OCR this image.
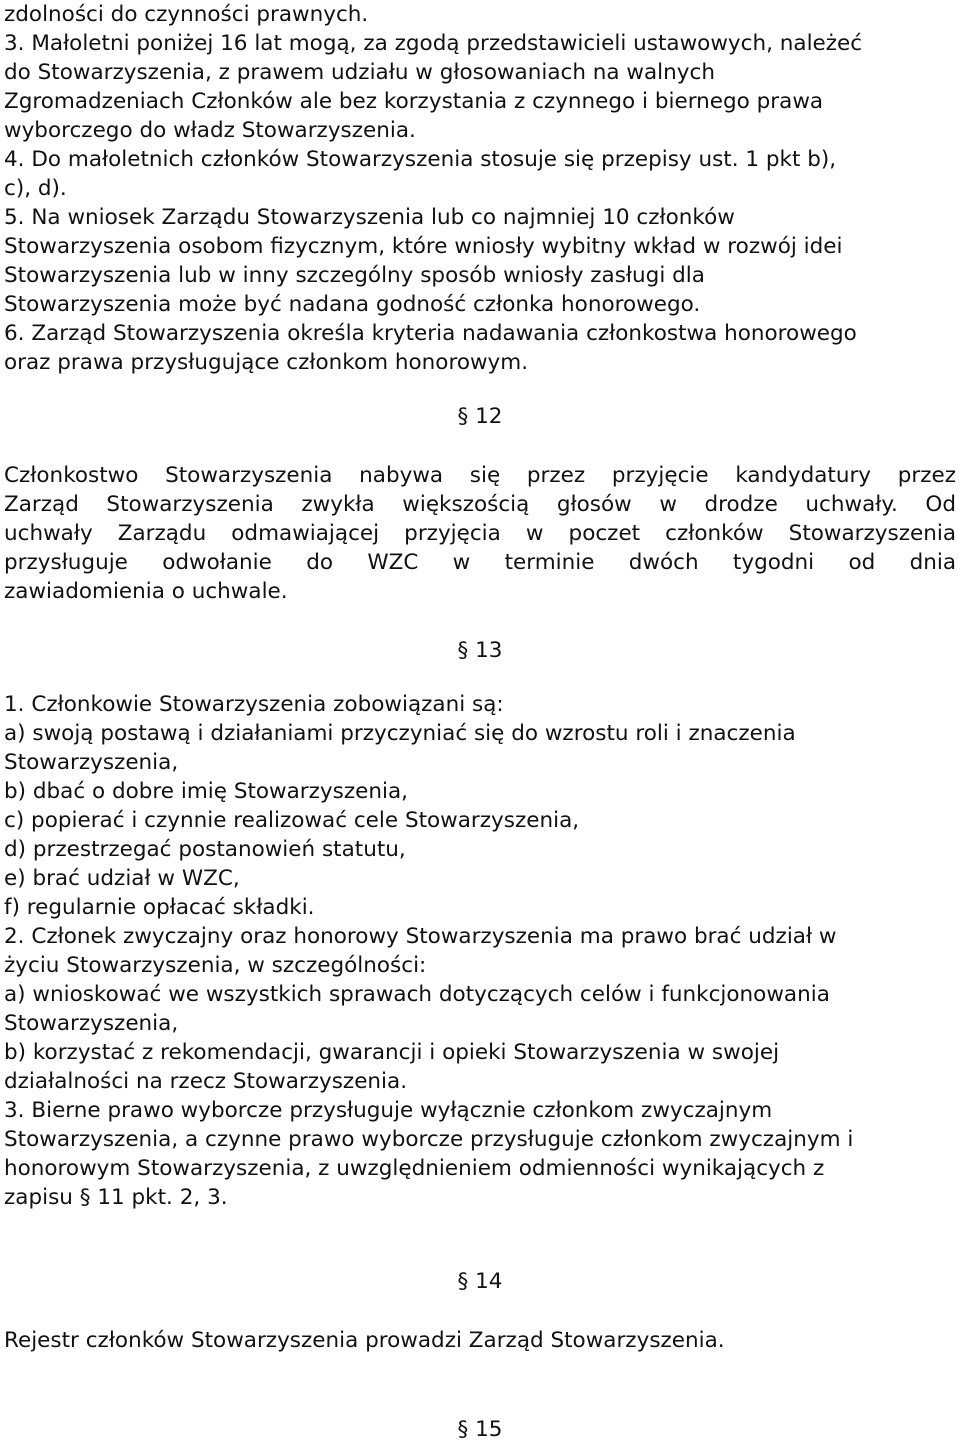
zdolności do czynności prawnych.
3. Małoletni poniżej 16 lat mogą, za zgodą przedstawicieli ustawowych, należeć
do Stowarzyszenia, z prawem udziału w głosowaniach na walnych
Zgromadzeniach Członków ale bez korzystania z czynnego i biernego prawa
wyborczego do władz Stowarzyszenia.
4. Do małoletnich członków Stowarzyszenia stosuje się przepisy ust. 1 pkt b),
c), d).
5. Na wniosek Zarządu Stowarzyszenia lub co najmniej 10 członków
Stowarzyszenia osobom fizycznym, które wniosły wybitny wkład w rozwój idei
Stowarzyszenia lub w inny szczególny sposób wniosły zasługi dla
Stowarzyszenia może być nadana godność członka honorowego.
6. Zarząd Stowarzyszenia określa kryteria nadawania członkostwa honorowego
oraz prawa przysługujące członkom honorowym.
§ 12
Członkostwo Stowarzyszenia nabywa się przez przyjęcie kandydatury przez
Zarząd Stowarzyszenia zwykła większością głosów w drodze uchwały. Od
uchwały Zarządu odmawiającej przyjęcia w poczet członków Stowarzyszenia
przysługuje odwołanie do WZC w terminie dwóch tygodni od dnia
zawiadomienia o uchwale.
§ 13
1. Członkowie Stowarzyszenia zobowiązani są:
a) swoją postawą i działaniami przyczyniać się do wzrostu roli i znaczenia
Stowarzyszenia,
b) dbać o dobre imię Stowarzyszenia,
c) popierać i czynnie realizować cele Stowarzyszenia,
d) przestrzegać postanowień statutu,
e) brać udział w WZC,
f) regularnie opłacać składki.
2. Członek zwyczajny oraz honorowy Stowarzyszenia ma prawo brać udział w
życiu Stowarzyszenia, w szczególności:
a) wnioskować we wszystkich sprawach dotyczących celów i funkcjonowania
Stowarzyszenia,
b) korzystać z rekomendacji, gwarancji i opieki Stowarzyszenia w swojej
działalności na rzecz Stowarzyszenia.
3. Bierne prawo wyborcze przysługuje wyłącznie członkom zwyczajnym
Stowarzyszenia, a czynne prawo wyborcze przysługuje członkom zwyczajnym i
honorowym Stowarzyszenia, z uwzględnieniem odmienności wynikających z
zapisu § 11 pkt. 2, 3.
§ 14
Rejestr członków Stowarzyszenia prowadzi Zarząd Stowarzyszenia.
§ 15
